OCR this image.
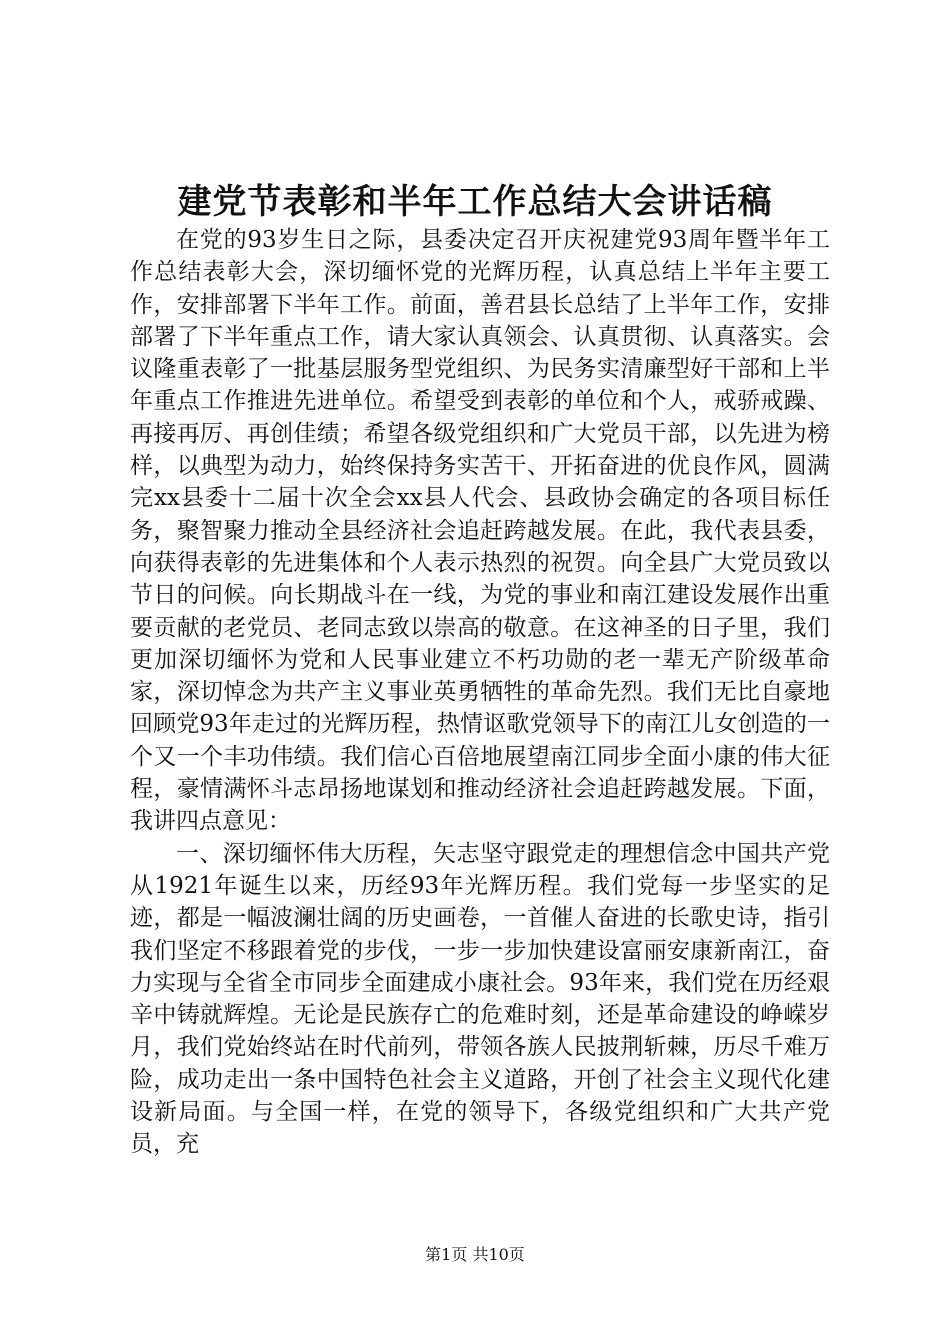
建党节表彰和半年工作总结大会讲话稿

在党的93岁生日之际，县委决定召开庆祝建党93周年暨半年工作总结表彰大会，深切缅怀党的光辉历程，认真总结上半年主要工作，安排部署下半年工作。前面，善君县长总结了上半年工作，安排部署了下半年重点工作，请大家认真领会、认真贯彻、认真落实。会议隆重表彰了一批基层服务型党组织、为民务实清廉型好干部和上半年重点工作推进先进单位。希望受到表彰的单位和个人，戒骄戒躁、再接再厉、再创佳绩；希望各级党组织和广大党员干部，以先进为榜样，以典型为动力，始终保持务实苦干、开拓奋进的优良作风，圆满完xx县委十二届十次全会xx县人代会、县政协会确定的各项目标任务，聚智聚力推动全县经济社会追赶跨越发展。在此，我代表县委，向获得表彰的先进集体和个人表示热烈的祝贺。向全县广大党员致以节日的问候。向长期战斗在一线，为党的事业和南江建设发展作出重要贡献的老党员、老同志致以崇高的敬意。在这神圣的日子里，我们更加深切缅怀为党和人民事业建立不朽功勋的老一辈无产阶级革命家，深切悼念为共产主义事业英勇牺牲的革命先烈。我们无比自豪地回顾党93年走过的光辉历程，热情讴歌党领导下的南江儿女创造的一个又一个丰功伟绩。我们信心百倍地展望南江同步全面小康的伟大征程，豪情满怀斗志昂扬地谋划和推动经济社会追赶跨越发展。下面，我讲四点意见：

一、深切缅怀伟大历程，矢志坚守跟党走的理想信念中国共产党从1921年诞生以来，历经93年光辉历程。我们党每一步坚实的足迹，都是一幅波澜壮阔的历史画卷，一首催人奋进的长歌史诗，指引我们坚定不移跟着党的步伐，一步一步加快建设富丽安康新南江，奋力实现与全省全市同步全面建成小康社会。93年来，我们党在历经艰辛中铸就辉煌。无论是民族存亡的危难时刻，还是革命建设的峥嵘岁月，我们党始终站在时代前列，带领各族人民披荆斩棘，历尽千难万险，成功走出一条中国特色社会主义道路，开创了社会主义现代化建设新局面。与全国一样，在党的领导下，各级党组织和广大共产党员，充

第1页 共10页
